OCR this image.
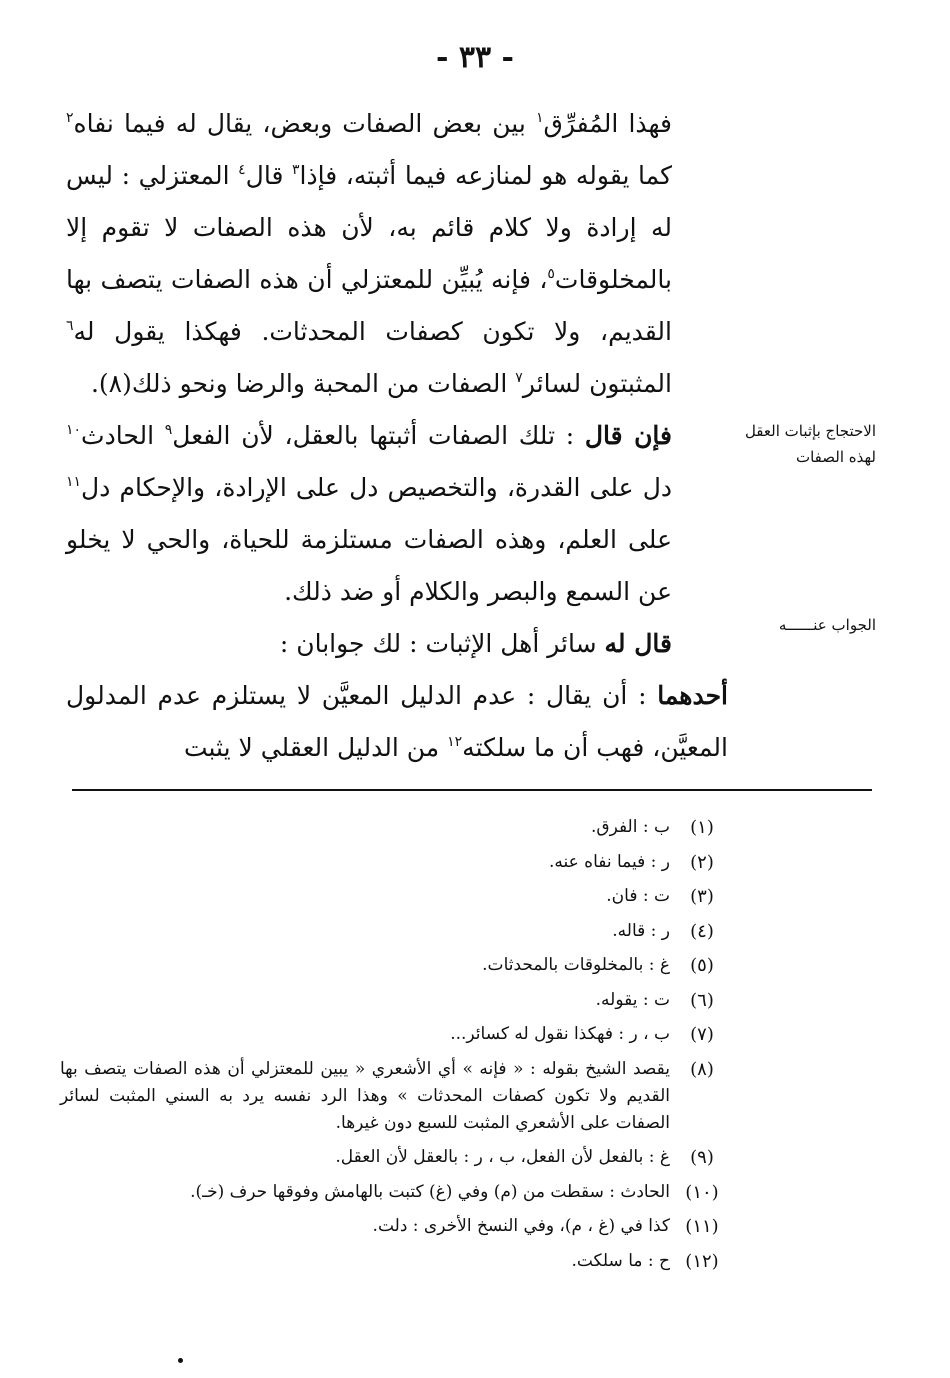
- ٣٣ -
الاحتجاج بإثبات العقل لهذه الصفات
الجواب عنــــــه

فهذا المُفرِّق$^١$ بين بعض الصفات وبعض، يقال له فيما نفاه$^٢$ كما يقوله هو لمنازعه فيما أثبته، فإذا$^٣$ قال$^٤$ المعتزلي : ليس له إرادة ولا كلام قائم به، لأن هذه الصفات لا تقوم إلا بالمخلوقات$^٥$، فإنه يُبيِّن للمعتزلي أن هذه الصفات يتصف بها القديم، ولا تكون كصفات المحدثات. فهكذا يقول له$^٦$ المثبتون لسائر$^٧$ الصفات من المحبة والرضا ونحو ذلك(٨).

فإن قال : تلك الصفات أثبتها بالعقل، لأن الفعل$^٩$ الحادث$^{١٠}$ دل على القدرة، والتخصيص دل على الإرادة، والإحكام دل$^{١١}$ على العلم، وهذه الصفات مستلزمة للحياة، والحي لا يخلو عن السمع والبصر والكلام أو ضد ذلك.

قال له سائر أهل الإثبات : لك جوابان :

أحدهما : أن يقال : عدم الدليل المعيَّن لا يستلزم عدم المدلول المعيَّن، فهب أن ما سلكته$^{١٢}$ من الدليل العقلي لا يثبت

(١)
ب : الفرق.
(٢)
ر : فيما نفاه عنه.
(٣)
ت : فان.
(٤)
ر : قاله.
(٥)
غ : بالمخلوقات بالمحدثات.
(٦)
ت : يقوله.
(٧)
ب ، ر : فهكذا نقول له كسائر...
(٨)
يقصد الشيخ بقوله : « فإنه » أي الأشعري « يبين للمعتزلي أن هذه الصفات يتصف بها القديم ولا تكون كصفات المحدثات » وهذا الرد نفسه يرد به السني المثبت لسائر الصفات على الأشعري المثبت للسبع دون غيرها.
(٩)
غ : بالفعل لأن الفعل، ب ، ر : بالعقل لأن العقل.
(١٠)
الحادث : سقطت من (م) وفي (غ) كتبت بالهامش وفوقها حرف (خـ).
(١١)
كذا في (غ ، م)، وفي النسخ الأخرى : دلت.
(١٢)
ح : ما سلكت.
